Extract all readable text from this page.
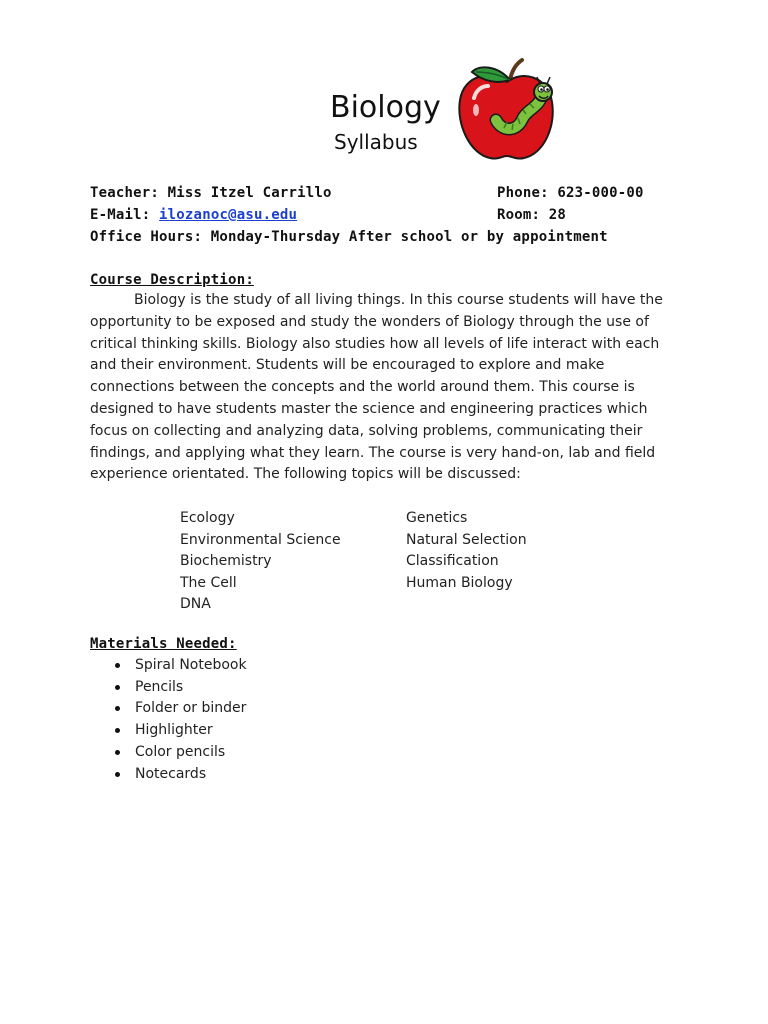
Biology
Syllabus
Teacher: Miss Itzel Carrillo	Phone: 623-000-00
E-Mail: ilozanoc@asu.edu	Room: 28
Office Hours: Monday-Thursday After school or by appointment
Course Description:

Biology is the study of all living things. In this course students will have the opportunity to be exposed and study the wonders of Biology through the use of critical thinking skills. Biology also studies how all levels of life interact with each and their environment. Students will be encouraged to explore and make connections between the concepts and the world around them. This course is designed to have students master the science and engineering practices which focus on collecting and analyzing data, solving problems, communicating their findings, and applying what they learn. The course is very hand-on, lab and field experience orientated. The following topics will be discussed:

Ecology
Environmental Science
Biochemistry
The Cell
DNA
Genetics
Natural Selection
Classification
Human Biology
Materials Needed:
Spiral Notebook
Pencils
Folder or binder
Highlighter
Color pencils
Notecards
